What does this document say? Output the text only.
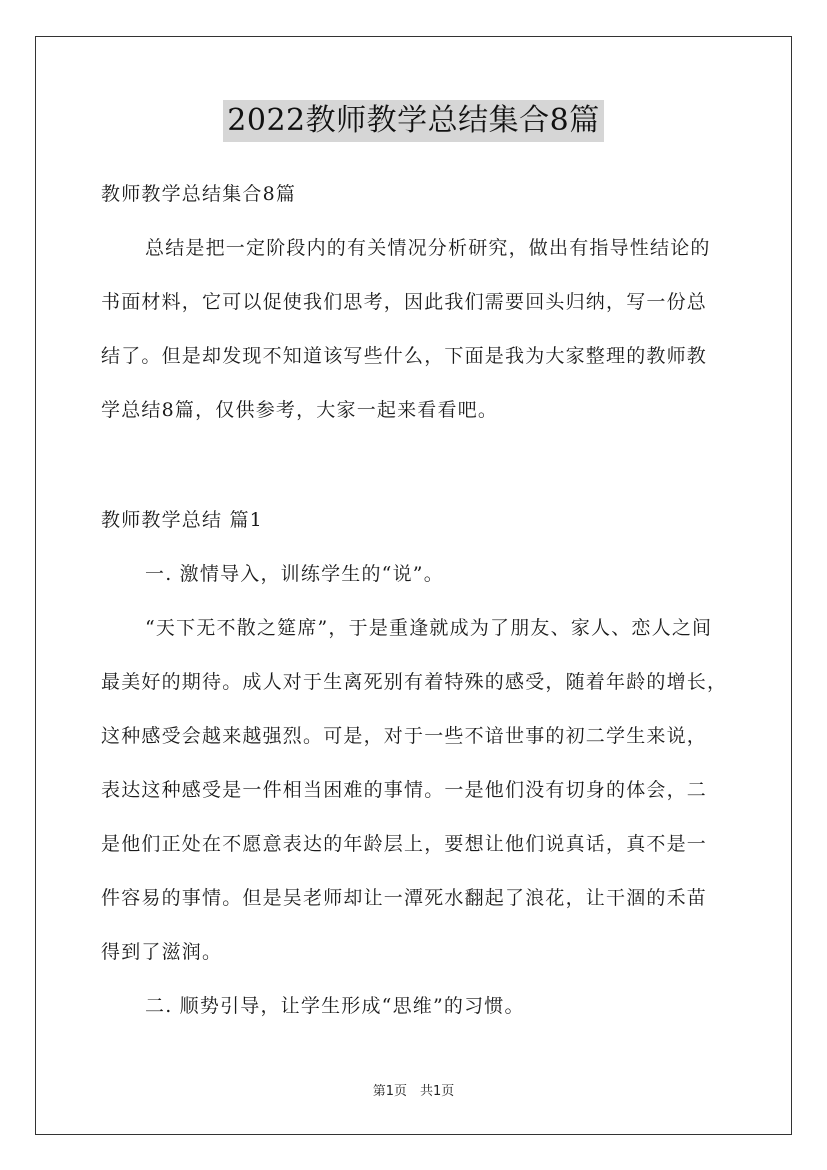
2022教师教学总结集合8篇
教师教学总结集合8篇
总结是把一定阶段内的有关情况分析研究，做出有指导性结论的
书面材料，它可以促使我们思考，因此我们需要回头归纳，写一份总
结了。但是却发现不知道该写些什么，下面是我为大家整理的教师教
学总结8篇，仅供参考，大家一起来看看吧。
教师教学总结 篇1
一. 激情导入，训练学生的“说”。
“天下无不散之筵席”，于是重逢就成为了朋友、家人、恋人之间
最美好的期待。成人对于生离死别有着特殊的感受，随着年龄的增长，
这种感受会越来越强烈。可是，对于一些不谙世事的初二学生来说，
表达这种感受是一件相当困难的事情。一是他们没有切身的体会，二
是他们正处在不愿意表达的年龄层上，要想让他们说真话，真不是一
件容易的事情。但是吴老师却让一潭死水翻起了浪花，让干涸的禾苗
得到了滋润。
二. 顺势引导，让学生形成“思维”的习惯。
第1页　共1页
